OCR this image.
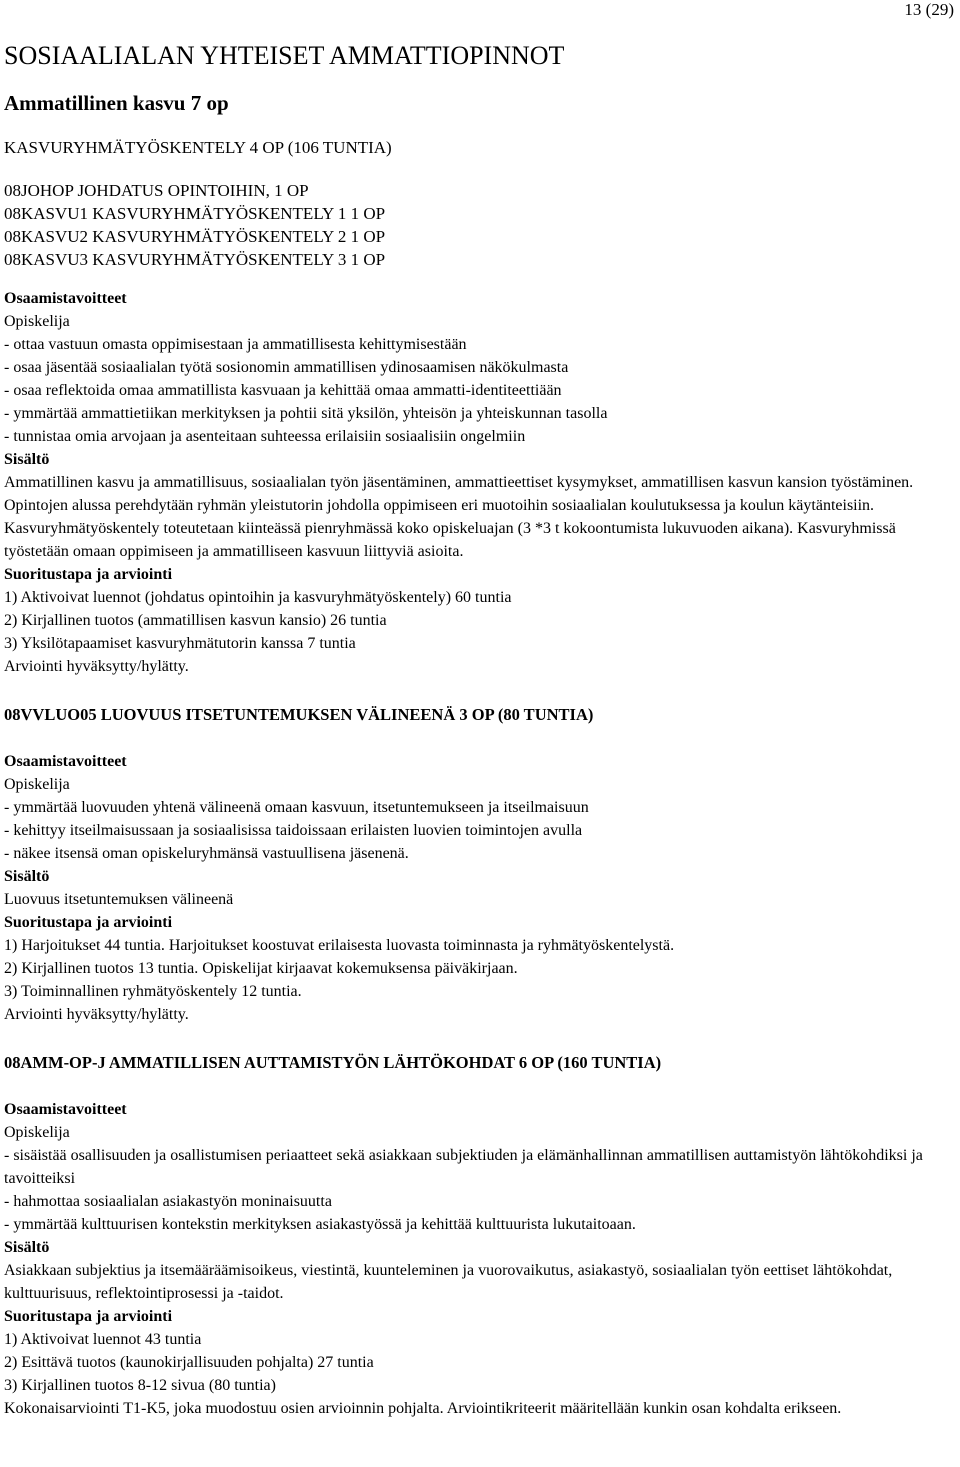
13 (29)
SOSIAALIALAN YHTEISET AMMATTIOPINNOT
Ammatillinen kasvu 7 op
KASVURYHMÄTYÖSKENTELY 4 OP (106 TUNTIA)
08JOHOP JOHDATUS OPINTOIHIN, 1 OP
08KASVU1 KASVURYHMÄTYÖSKENTELY 1 1 OP
08KASVU2 KASVURYHMÄTYÖSKENTELY 2 1 OP
08KASVU3 KASVURYHMÄTYÖSKENTELY 3 1 OP
Osaamistavoitteet
Opiskelija
- ottaa vastuun omasta oppimisestaan ja ammatillisesta kehittymisestään
- osaa jäsentää sosiaalialan työtä sosionomin ammatillisen ydinosaamisen näkökulmasta
- osaa reflektoida omaa ammatillista kasvuaan ja kehittää omaa ammatti-identiteettiään
- ymmärtää ammattietiikan merkityksen ja pohtii sitä yksilön, yhteisön ja yhteiskunnan tasolla
- tunnistaa omia arvojaan ja asenteitaan suhteessa erilaisiin sosiaalisiin ongelmiin
Sisältö
Ammatillinen kasvu ja ammatillisuus, sosiaalialan työn jäsentäminen, ammattieettiset kysymykset, ammatillisen kasvun kansion työstäminen. Opintojen alussa perehdytään ryhmän yleistutorin johdolla oppimiseen eri muotoihin sosiaalialan koulutuksessa ja koulun käytänteisiin. Kasvuryhmätyöskentely toteutetaan kiinteässä pienryhmässä koko opiskeluajan (3 *3 t kokoontumista lukuvuoden aikana). Kasvuryhmissä työstetään omaan oppimiseen ja ammatilliseen kasvuun liittyviä asioita.
Suoritustapa ja arviointi
1) Aktivoivat luennot (johdatus opintoihin ja kasvuryhmätyöskentely) 60 tuntia
2) Kirjallinen tuotos (ammatillisen kasvun kansio) 26 tuntia
3) Yksilötapaamiset kasvuryhmätutorin kanssa 7 tuntia
Arviointi hyväksytty/hylätty.
08VVLUO05 LUOVUUS ITSETUNTEMUKSEN VÄLINEENÄ 3 OP (80 TUNTIA)
Osaamistavoitteet
Opiskelija
- ymmärtää luovuuden yhtenä välineenä omaan kasvuun, itsetuntemukseen ja itseilmaisuun
- kehittyy itseilmaisussaan ja sosiaalisissa taidoissaan erilaisten luovien toimintojen avulla
- näkee itsensä oman opiskeluryhmänsä vastuullisena jäsenenä.
Sisältö
Luovuus itsetuntemuksen välineenä
Suoritustapa ja arviointi
1) Harjoitukset 44 tuntia. Harjoitukset koostuvat erilaisesta luovasta toiminnasta ja ryhmätyöskentelystä.
2) Kirjallinen tuotos 13 tuntia. Opiskelijat kirjaavat kokemuksensa päiväkirjaan.
3) Toiminnallinen ryhmätyöskentely 12 tuntia.
Arviointi hyväksytty/hylätty.
08AMM-OP-J AMMATILLISEN AUTTAMISTYÖN LÄHTÖKOHDAT 6 OP (160 TUNTIA)
Osaamistavoitteet
Opiskelija
- sisäistää osallisuuden ja osallistumisen periaatteet sekä asiakkaan subjektiuden ja elämänhallinnan ammatillisen auttamistyön lähtökohdiksi ja tavoitteiksi
- hahmottaa sosiaalialan asiakastyön moninaisuutta
- ymmärtää kulttuurisen kontekstin merkityksen asiakastyössä ja kehittää kulttuurista lukutaitoaan.
Sisältö
Asiakkaan subjektius ja itsemääräämisoikeus, viestintä, kuunteleminen ja vuorovaikutus, asiakastyö, sosiaalialan työn eettiset lähtökohdat, kulttuurisuus, reflektointiprosessi ja -taidot.
Suoritustapa ja arviointi
1) Aktivoivat luennot 43 tuntia
2) Esittävä tuotos (kaunokirjallisuuden pohjalta) 27 tuntia
3) Kirjallinen tuotos 8-12 sivua (80 tuntia)
Kokonaisarviointi T1-K5, joka muodostuu osien arvioinnin pohjalta. Arviointikriteerit määritellään kunkin osan kohdalta erikseen.
